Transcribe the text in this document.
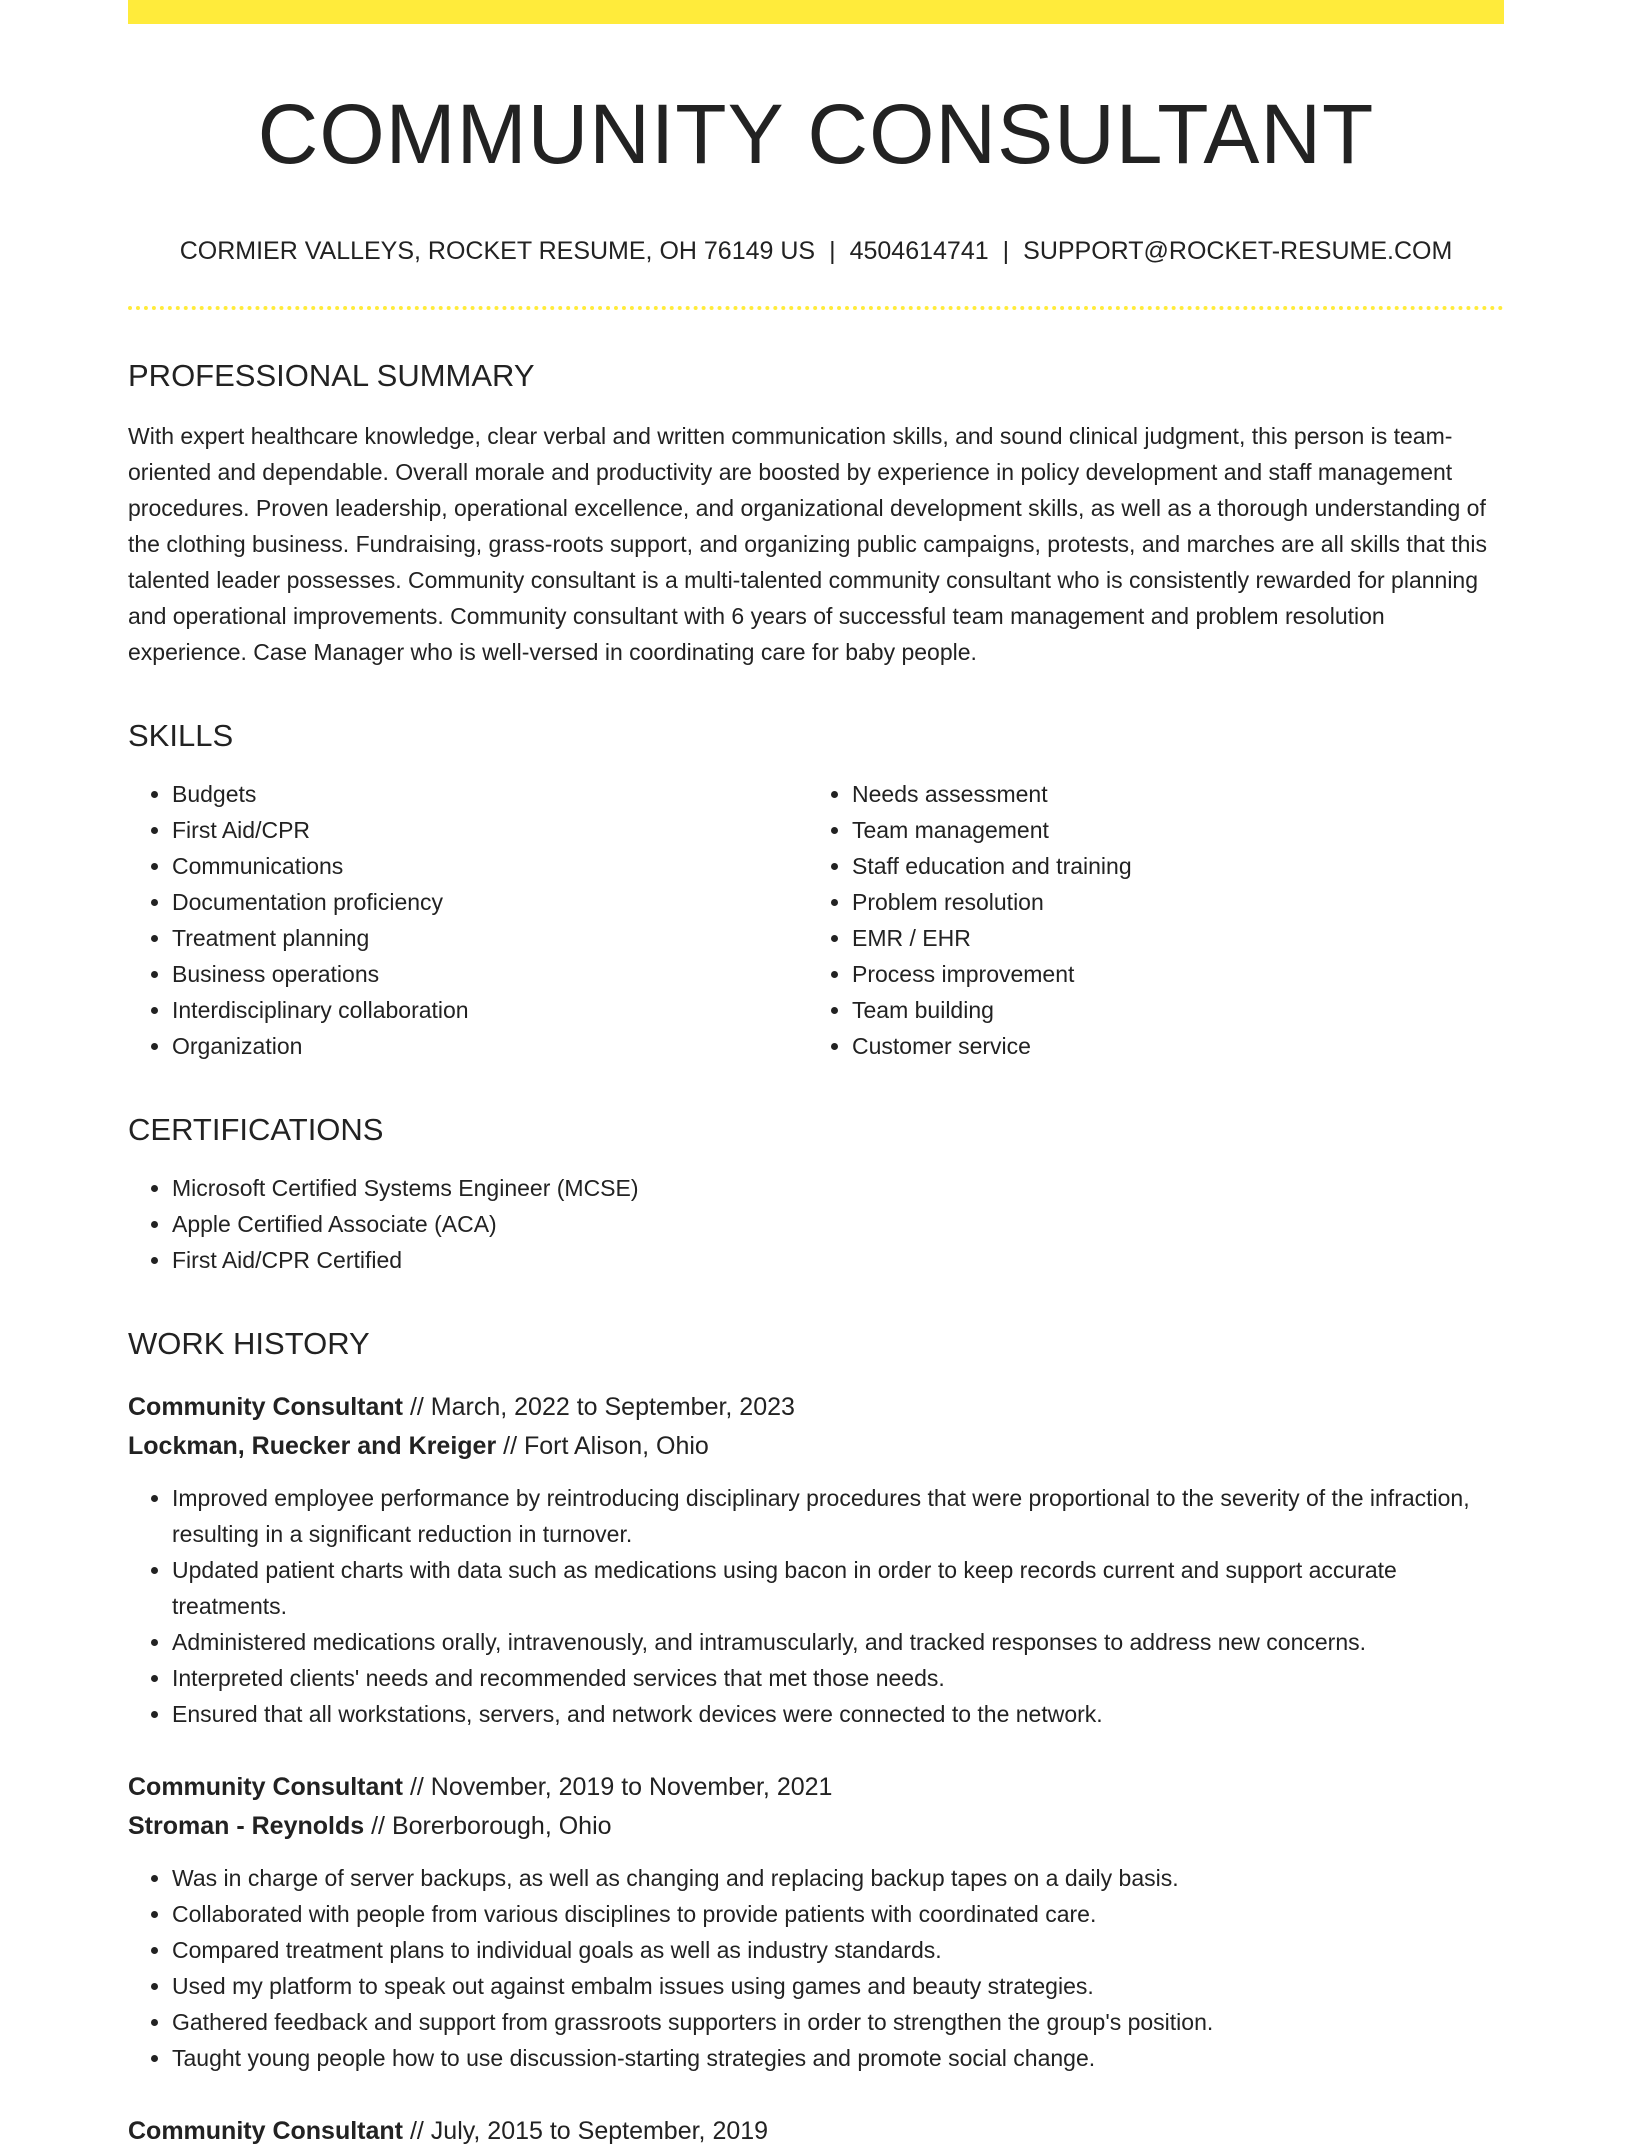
COMMUNITY CONSULTANT
CORMIER VALLEYS, ROCKET RESUME, OH 76149 US | 4504614741 | SUPPORT@ROCKET-RESUME.COM
PROFESSIONAL SUMMARY

With expert healthcare knowledge, clear verbal and written communication skills, and sound clinical judgment, this person is team-oriented and dependable. Overall morale and productivity are boosted by experience in policy development and staff management procedures. Proven leadership, operational excellence, and organizational development skills, as well as a thorough understanding of the clothing business. Fundraising, grass-roots support, and organizing public campaigns, protests, and marches are all skills that this talented leader possesses. Community consultant is a multi-talented community consultant who is consistently rewarded for planning and operational improvements. Community consultant with 6 years of successful team management and problem resolution experience. Case Manager who is well-versed in coordinating care for baby people.

SKILLS
• Budgets
• First Aid/CPR
• Communications
• Documentation proficiency
• Treatment planning
• Business operations
• Interdisciplinary collaboration
• Organization
• Needs assessment
• Team management
• Staff education and training
• Problem resolution
• EMR / EHR
• Process improvement
• Team building
• Customer service
CERTIFICATIONS
• Microsoft Certified Systems Engineer (MCSE)
• Apple Certified Associate (ACA)
• First Aid/CPR Certified
WORK HISTORY
Community Consultant // March, 2022 to September, 2023
Lockman, Ruecker and Kreiger // Fort Alison, Ohio
• Improved employee performance by reintroducing disciplinary procedures that were proportional to the severity of the infraction, resulting in a significant reduction in turnover.
• Updated patient charts with data such as medications using bacon in order to keep records current and support accurate treatments.
• Administered medications orally, intravenously, and intramuscularly, and tracked responses to address new concerns.
• Interpreted clients' needs and recommended services that met those needs.
• Ensured that all workstations, servers, and network devices were connected to the network.
Community Consultant // November, 2019 to November, 2021
Stroman - Reynolds // Borerborough, Ohio
• Was in charge of server backups, as well as changing and replacing backup tapes on a daily basis.
• Collaborated with people from various disciplines to provide patients with coordinated care.
• Compared treatment plans to individual goals as well as industry standards.
• Used my platform to speak out against embalm issues using games and beauty strategies.
• Gathered feedback and support from grassroots supporters in order to strengthen the group's position.
• Taught young people how to use discussion-starting strategies and promote social change.
Community Consultant // July, 2015 to September, 2019
